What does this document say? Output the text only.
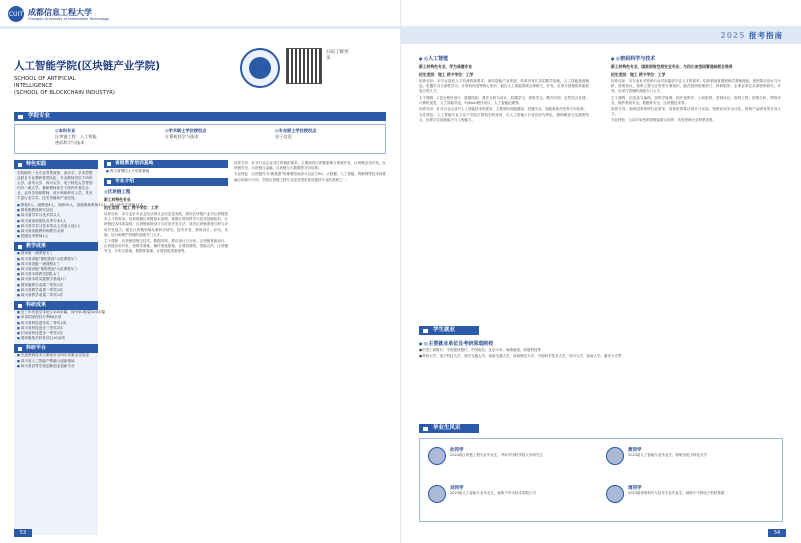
CUIT 成都信息工程大学
Chengdu University of Information Technology
人工智能学院(区块链产业学院)
SCHOOL OF ARTIFICIAL
INTELLIGENCE
(SCHOOL OF BLOCKCHAIN INDUSTYR)
扫码了解更多
学院专业
◎本科专业
区块链工程 人工智能
密码科学与技术
◎学术硕士学位授权点
计算机科学与技术
◎专业硕士学位授权点
电子信息
特色实践
学院拥有一支专业背景深厚、高水平、学术思想活跃且专业教研背景队伍，专业教师学位于四所大学、清华大学、四川大学、电子科技大学等国内外一流大学，兼职教师来自于国内外著名企业，业内各领域教师，设计师和研究人员，具有丰富行业学术，技术突破和产业经验。
■ 教授5人，副教授4人，讲师15人，高级职称教师13人，博士研究生导师11人
■ 国家级教改研究项目
■ 四川省学术与技术带头人
■ 四川省高校团队优秀专家1人
■ 四川省学术与技术带头人后备人选1人
■ 四川省省级教材和教学名师
■ 校级优秀教师1人
教学成果
■ 国家级一流课程1门
■ 四川省省级"课程思政"示范课程1门
■ 四川省省级一流课程2门
■ 四川省省级"课程思政"示范课程1门
■ 四川省本科教学团队1门
■ 四川省本科实践教学基地1门
■ 国家级教学成果二等奖1项
■ 四川省教学成果一等奖1项
■ 四川省教学成果二等奖1项
科研成果
■ 近三年发表学术论文100余篇，其中SCI检索100余篇
■ 申请国家授权专利80余项
■ 四川省科技进步奖二等奖1项
■ 四川省科技进步三等奖2项
■ 江西省科技进步一等奖1项
■ 国家级相关科技项目10余项
科研平台
■ 先进密码技术与系统安全四川省重点实验室
■ 四川省人工智能产教融合创新基地
■ 四川省高等学校创新创业创新平台
省级教育培训基地
■ 四川省网信人才培养基地
专业介绍
◎区块链工程
新工科特色专业
招生类别：理工 授予学位：工学
培养目标：本专业针对社会经济和社会信息化发展，面向区块链产业对区块链技术人才的需求，培养掌握区块链基本原理、掌握计算机科学与技术基础知识，区块链技术体系架构、区块链系统设计与应用开发方法，具有区块链系统分析与应用开发能力，能在区块链领域从事科学研究、技术开发、系统设计、应用、实施、运行和维护管理的高级专门人才。
主干课程：区块链原理与技术、数据结构、算法设计与分析、区块链系统设计、区块链应用开发、密码学基础、操作系统原理、计算机网络、智能合约、区块链安全、分布式系统、数据库原理、计算机组成原理等。
培养方向：针对行业企业对区块链的需求，主要面向区块链原理与系统开发、区块链应用开发、区块链安全、区块链与金融、区块链与大数据等方向培养。
专业特色：区块链作为"新基建"的重要组成部分以及与5G、大数据、人工智能、物联网等技术深度融合的新兴方向，学院区块链工程专业是全国首批设置该专业的高校之一。
53
2025 报考指南
● ◎人工智能
新工科特色专业、学为典建专业
招生类别：理工 授予学位：工学
培养目标：本专业面向人才培养的新要求，面向智能产业发展，培养具有扎实的数学基础、人工智能基础理论、机器学习与深度学习、计算机视觉等核心知识，能在人工智能领域从事研究、开发、应用与管理的高素质复合型人才。
主干课程：C语言程序设计、数据结构、算法分析与设计、机器学习、深度学习、模式识别、自然语言处理、计算机视觉、人工智能导论、Python程序设计、人工智能伦理等。
培养方向：针对行业企业对人工智能技术的需求，主要面向智能感知、机器学习、智能系统开发等方向培养。
专业特色：人工智能专业立足于学院计算机学科优势，以人工智能+行业应用为特色，强调理论与实践相结合，培养学生创新能力与工程能力。
● ◎密码科学与技术
新工科特色专业、国家网络空间安全专业、与四川省密码管理局联合培养
招生类别：理工 授予学位：工学
培养目标：本专业针对密码行业对高素质专业人才的需求，培养系统掌握密码学基础理论、密码算法设计与分析、密码协议、密码工程与应用等方面知识，能在密码管理部门、科研院所、企事业单位从事密码研究、开发、应用与管理的高级专门人才。
主干课程：信息论与编码、密码学原理、现代密码学、公钥密码、密码协议、密码工程、密码分析、网络安全、操作系统安全、数据库安全、区块链技术等。
培养方向：面向国家密码行业需求，培养密码算法设计与实现、密码应用安全评估、密码产品研发等方向人才。
专业特色：与四川省密码管理局联合培养，具有密码行业背景优势。
学生就业
● ◎主要就业单位及考研深造院校
●中国工商银行、中国建设银行、中国电信、北京小米、海康威视、绿盟科技等
●考研大学、电子科技大学、西安交通大学、西南交通大学、西南财经大学、中国科学技术大学、四川大学、西南大学、重庆大学等
毕业生风采
杜同学
2024届区块链工程专业毕业生，考取中国科学院大学研究生
黄同学
2024届人工智能专业毕业生，保研至电子科技大学
刘同学
2023届人工智能专业毕业生，就职于华为技术有限公司
周同学
2023届密码科学与技术专业毕业生，就职于中国电子科技集团
54
